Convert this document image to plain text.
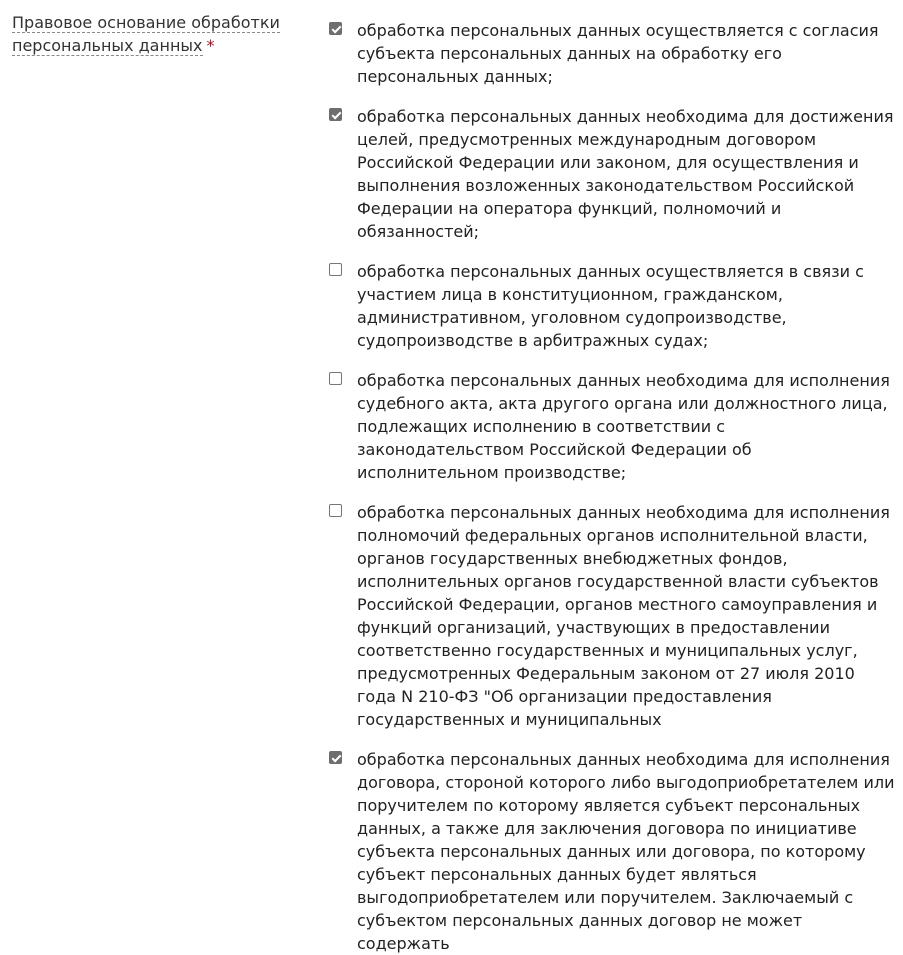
Правовое основание обработки персональных данных *
обработка персональных данных осуществляется с согласия субъекта персональных данных на обработку его персональных данных;
обработка персональных данных необходима для достижения целей, предусмотренных международным договором Российской Федерации или законом, для осуществления и выполнения возложенных законодательством Российской Федерации на оператора функций, полномочий и обязанностей;
обработка персональных данных осуществляется в связи с участием лица в конституционном, гражданском, административном, уголовном судопроизводстве, судопроизводстве в арбитражных судах;
обработка персональных данных необходима для исполнения судебного акта, акта другого органа или должностного лица, подлежащих исполнению в соответствии с законодательством Российской Федерации об исполнительном производстве;
обработка персональных данных необходима для исполнения полномочий федеральных органов исполнительной власти, органов государственных внебюджетных фондов, исполнительных органов государственной власти субъектов Российской Федерации, органов местного самоуправления и функций организаций, участвующих в предоставлении соответственно государственных и муниципальных услуг, предусмотренных Федеральным законом от 27 июля 2010 года N 210-ФЗ "Об организации предоставления государственных и муниципальных
обработка персональных данных необходима для исполнения договора, стороной которого либо выгодоприобретателем или поручителем по которому является субъект персональных данных, а также для заключения договора по инициативе субъекта персональных данных или договора, по которому субъект персональных данных будет являться выгодоприобретателем или поручителем. Заключаемый с субъектом персональных данных договор не может содержать
